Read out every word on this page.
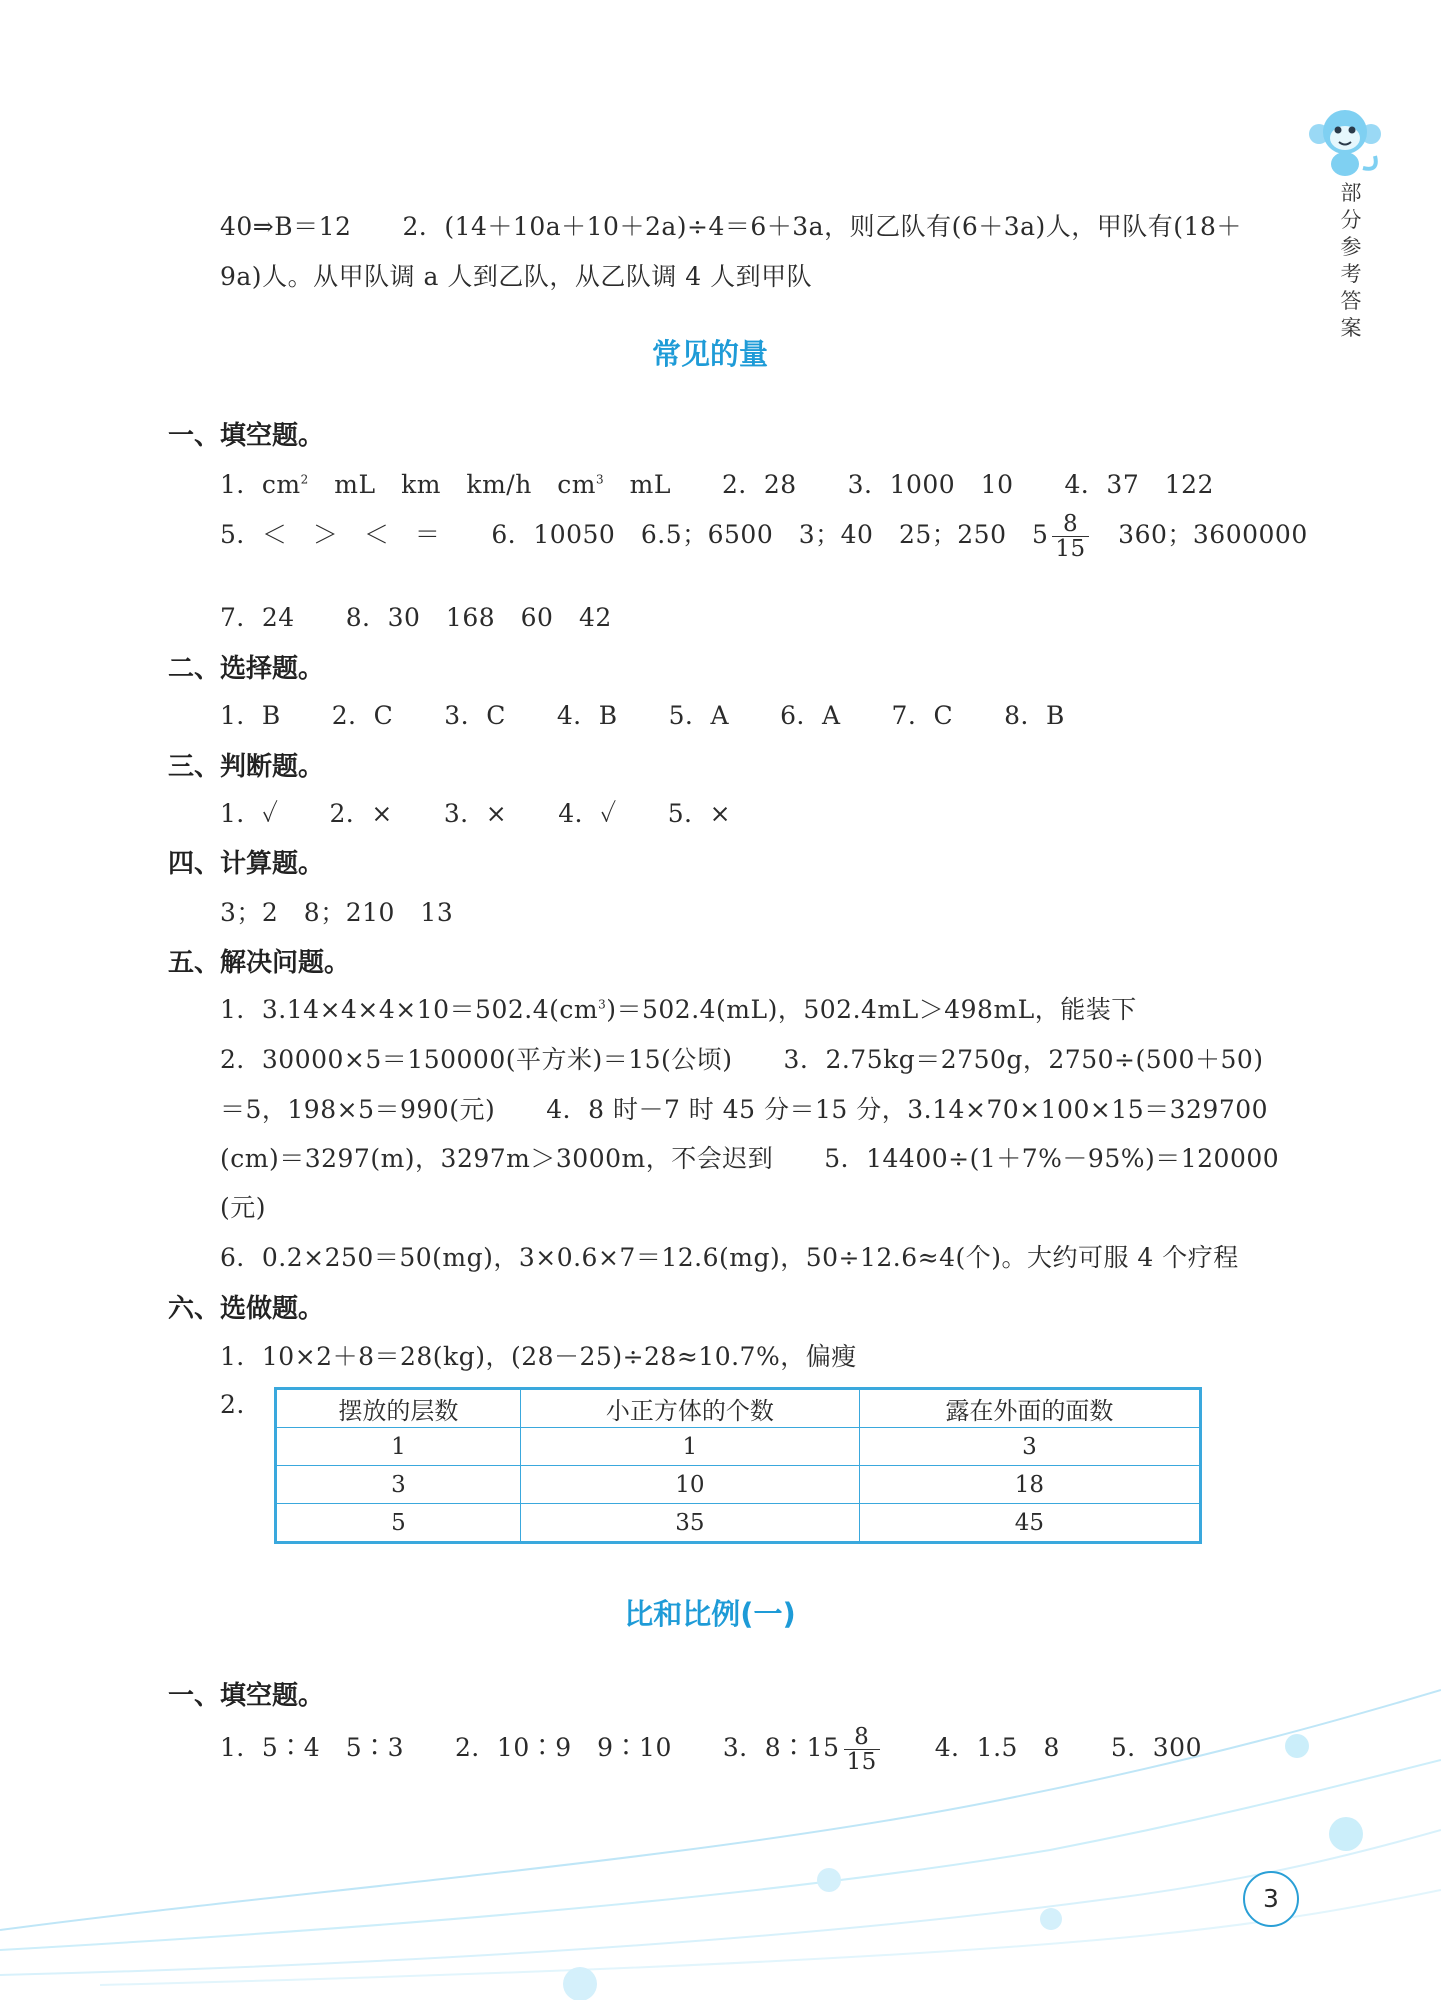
部分参考答案
40⇒B＝12　　2．(14＋10a＋10＋2a)÷4＝6＋3a，则乙队有(6＋3a)人，甲队有(18＋
9a)人。从甲队调 a 人到乙队，从乙队调 4 人到甲队
常见的量
一、填空题。
1．$cm^2$　mL　km　km/h　$cm^3$　mL　　2．28　　3．1000　10　　4．37　122
5．＜　＞　＜　＝　　6．10050　6.5；6500　3；40　25；250　$5 \frac{8}{15}$ 　360；3600000
7．24　　8．30　168　60　42
二、选择题。
1．B　　2．C　　3．C　　4．B　　5．A　　6．A　　7．C　　8．B
三、判断题。
1．✓　　2．×　　3．×　　4．✓　　5．×
四、计算题。
3；2　8；210　13
五、解决问题。
1．$3.14\times 4\times 4\times 10=502.4(cm^3)=502.4(mL)$，502.4mL＞498mL，能装下
2．30000×5＝150000(平方米)＝15(公顷)　　3．2.75kg＝2750g，2750÷(500＋50)
＝5，198×5＝990(元)　　4．8 时－7 时 45 分＝15 分，3.14×70×100×15＝329700
(cm)＝3297(m)，3297m＞3000m，不会迟到　　5．14400÷(1＋7%－95%)＝120000
(元)
6．0.2×250＝50(mg)，3×0.6×7＝12.6(mg)，50÷12.6≈4(个)。大约可服 4 个疗程
六、选做题。
1．10×2＋8＝28(kg)，(28－25)÷28≈10.7%，偏瘦
2.	摆放的层数	小正方体的个数	露在外面的面数
1	1	3
3	10	18
5	35	45
比和比例(一)
一、填空题。
1．5∶4　5∶3　　2．10∶9　9∶10　　3．8∶15 $\frac{8}{15}$ 　　4．1.5　8　　5．300
3
